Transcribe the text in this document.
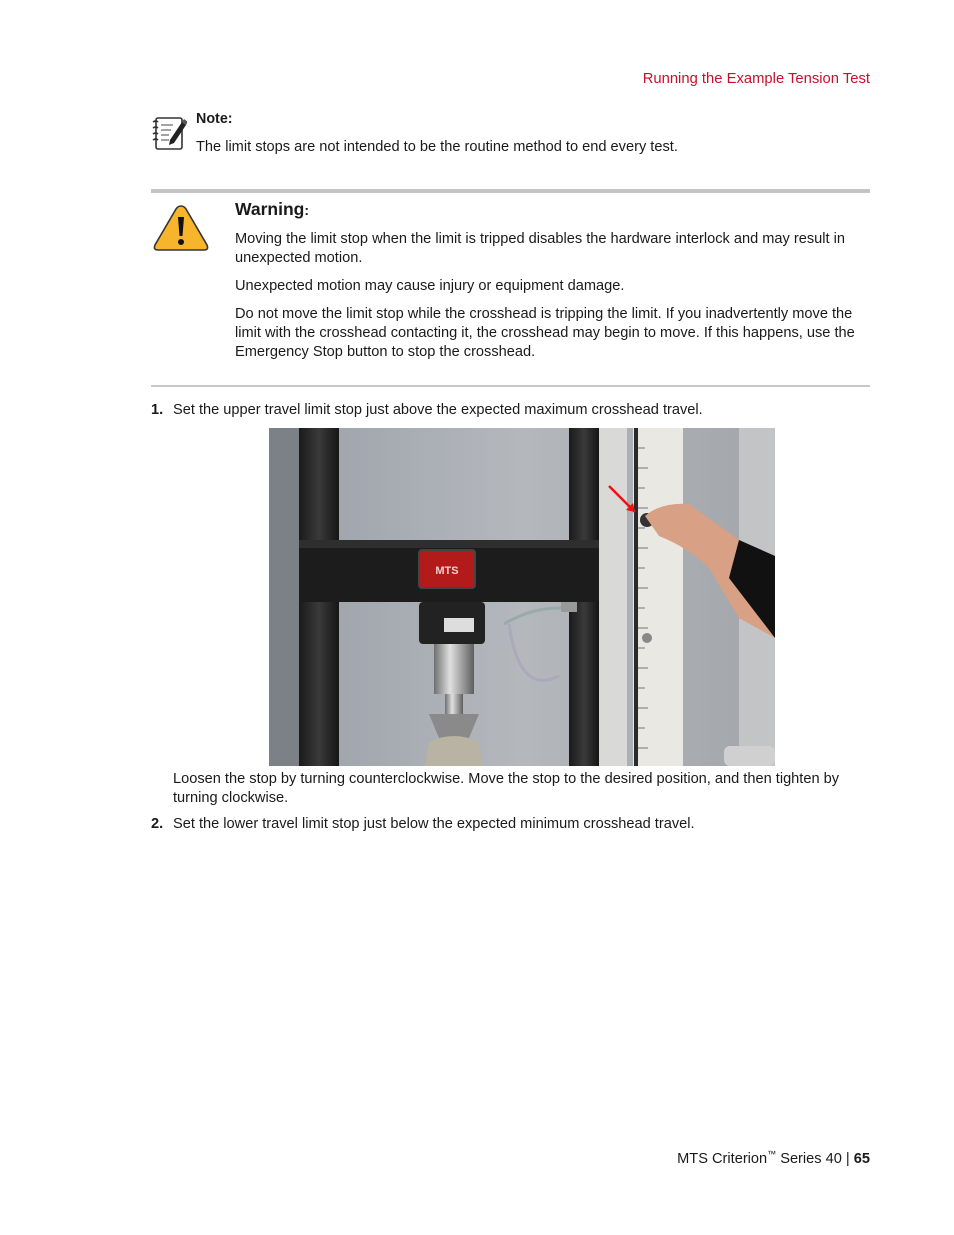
Running the Example Tension Test
Note:
The limit stops are not intended to be the routine method to end every test.
Warning:

Moving the limit stop when the limit is tripped disables the hardware interlock and may result in unexpected motion.

Unexpected motion may cause injury or equipment damage.

Do not move the limit stop while the crosshead is tripping the limit. If you inadvertently move the limit with the crosshead contacting it, the crosshead may begin to move. If this happens, use the Emergency Stop button to stop the crosshead.

1. Set the upper travel limit stop just above the expected maximum crosshead travel.
MTS
Loosen the stop by turning counterclockwise. Move the stop to the desired position, and then tighten by turning clockwise.
2. Set the lower travel limit stop just below the expected minimum crosshead travel.
MTS Criterion™ Series 40 | 65
